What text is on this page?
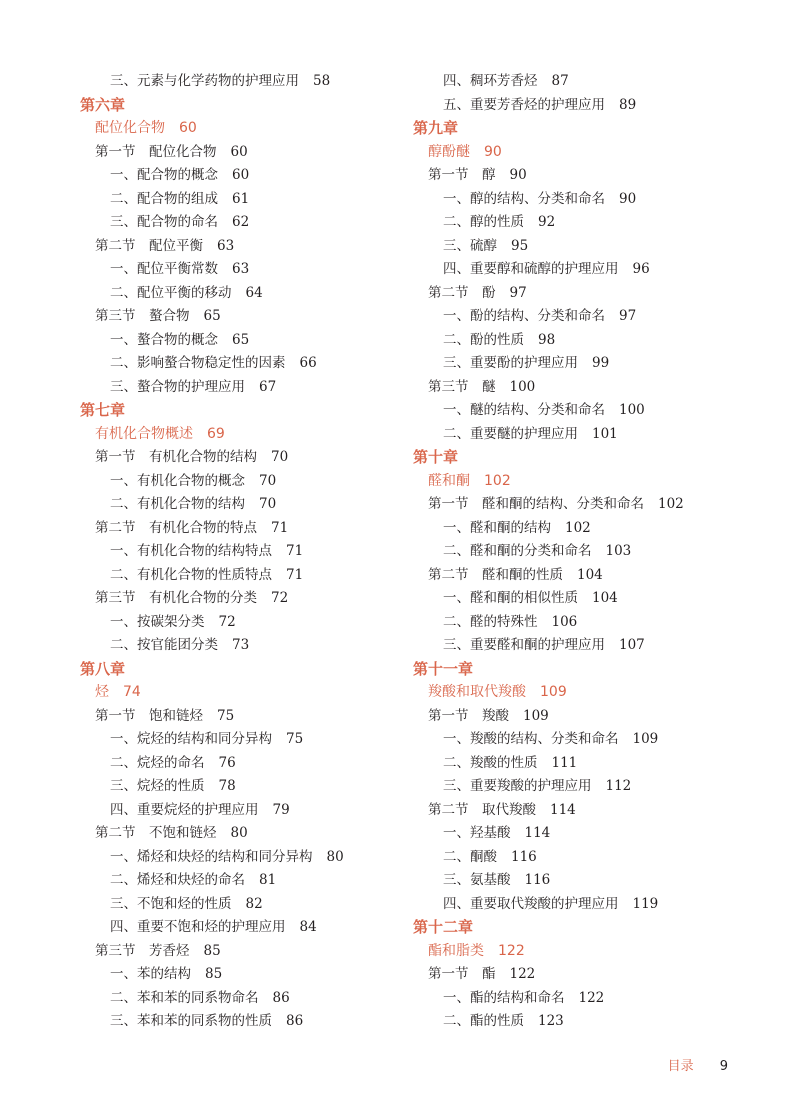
三、元素与化学药物的护理应用 58
第六章
配位化合物 60
第一节　配位化合物 60
一、配合物的概念 60
二、配合物的组成 61
三、配合物的命名 62
第二节　配位平衡 63
一、配位平衡常数 63
二、配位平衡的移动 64
第三节　螯合物 65
一、螯合物的概念 65
二、影响螯合物稳定性的因素 66
三、螯合物的护理应用 67
第七章
有机化合物概述 69
第一节　有机化合物的结构 70
一、有机化合物的概念 70
二、有机化合物的结构 70
第二节　有机化合物的特点 71
一、有机化合物的结构特点 71
二、有机化合物的性质特点 71
第三节　有机化合物的分类 72
一、按碳架分类 72
二、按官能团分类 73
第八章
烃 74
第一节　饱和链烃 75
一、烷烃的结构和同分异构 75
二、烷烃的命名 76
三、烷烃的性质 78
四、重要烷烃的护理应用 79
第二节　不饱和链烃 80
一、烯烃和炔烃的结构和同分异构 80
二、烯烃和炔烃的命名 81
三、不饱和烃的性质 82
四、重要不饱和烃的护理应用 84
第三节　芳香烃 85
一、苯的结构 85
二、苯和苯的同系物命名 86
三、苯和苯的同系物的性质 86
四、稠环芳香烃 87
五、重要芳香烃的护理应用 89
第九章
醇酚醚 90
第一节　醇 90
一、醇的结构、分类和命名 90
二、醇的性质 92
三、硫醇 95
四、重要醇和硫醇的护理应用 96
第二节　酚 97
一、酚的结构、分类和命名 97
二、酚的性质 98
三、重要酚的护理应用 99
第三节　醚 100
一、醚的结构、分类和命名 100
二、重要醚的护理应用 101
第十章
醛和酮 102
第一节　醛和酮的结构、分类和命名 102
一、醛和酮的结构 102
二、醛和酮的分类和命名 103
第二节　醛和酮的性质 104
一、醛和酮的相似性质 104
二、醛的特殊性 106
三、重要醛和酮的护理应用 107
第十一章
羧酸和取代羧酸 109
第一节　羧酸 109
一、羧酸的结构、分类和命名 109
二、羧酸的性质 111
三、重要羧酸的护理应用 112
第二节　取代羧酸 114
一、羟基酸 114
二、酮酸 116
三、氨基酸 116
四、重要取代羧酸的护理应用 119
第十二章
酯和脂类 122
第一节　酯 122
一、酯的结构和命名 122
二、酯的性质 123
目录 9
